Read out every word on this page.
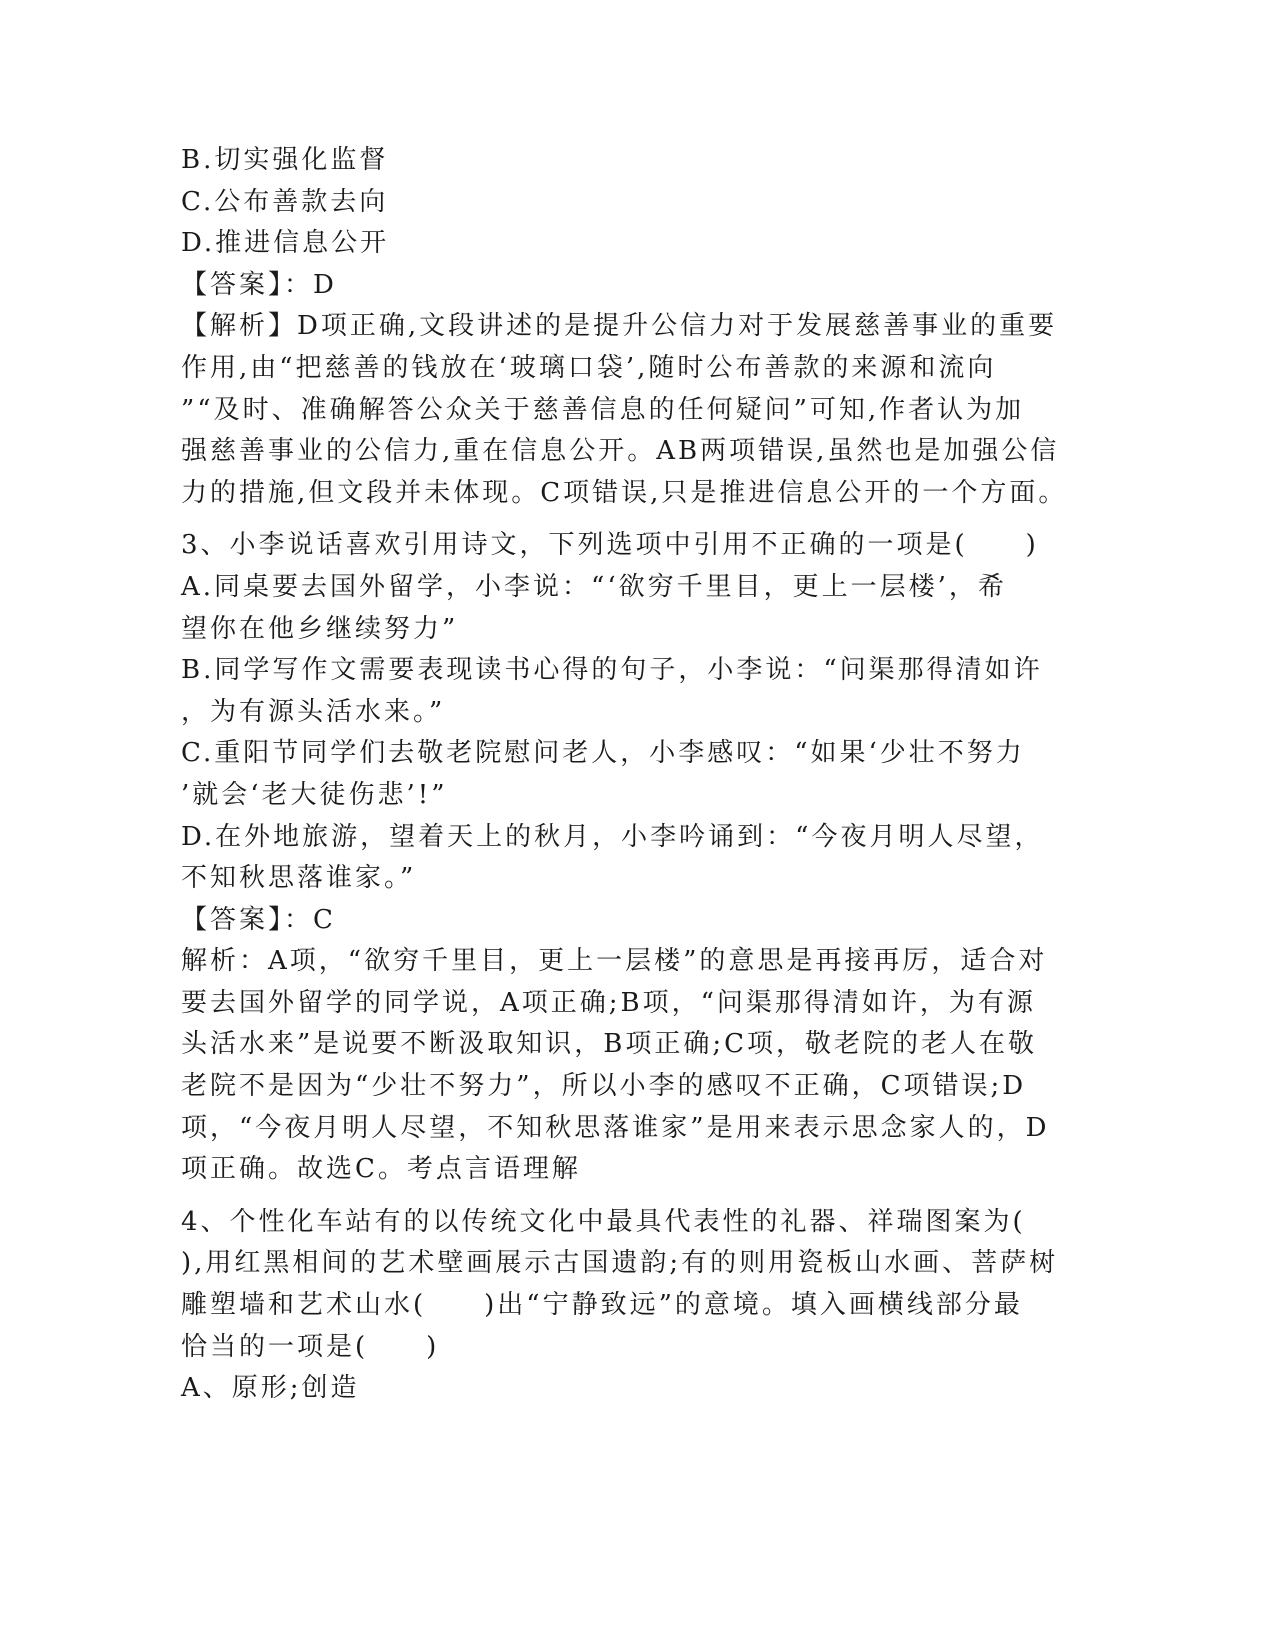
B.切实强化监督
C.公布善款去向
D.推进信息公开
【答案】：D
【解析】D项正确,文段讲述的是提升公信力对于发展慈善事业的重要
作用,由“把慈善的钱放在‘玻璃口袋’,随时公布善款的来源和流向
”“及时、准确解答公众关于慈善信息的任何疑问”可知,作者认为加
强慈善事业的公信力,重在信息公开。AB两项错误,虽然也是加强公信
力的措施,但文段并未体现。C项错误,只是推进信息公开的一个方面。
3、小李说话喜欢引用诗文，下列选项中引用不正确的一项是(　　)
A.同桌要去国外留学，小李说：“‘欲穷千里目，更上一层楼’，希
望你在他乡继续努力”
B.同学写作文需要表现读书心得的句子，小李说：“问渠那得清如许
，为有源头活水来。”
C.重阳节同学们去敬老院慰问老人，小李感叹：“如果‘少壮不努力
’就会‘老大徒伤悲’!”
D.在外地旅游，望着天上的秋月，小李吟诵到：“今夜月明人尽望，
不知秋思落谁家。”
【答案】：C
解析：A项，“欲穷千里目，更上一层楼”的意思是再接再厉，适合对
要去国外留学的同学说，A项正确;B项，“问渠那得清如许，为有源
头活水来”是说要不断汲取知识，B项正确;C项，敬老院的老人在敬
老院不是因为“少壮不努力”，所以小李的感叹不正确，C项错误;D
项，“今夜月明人尽望，不知秋思落谁家”是用来表示思念家人的，D
项正确。故选C。考点言语理解
4、个性化车站有的以传统文化中最具代表性的礼器、祥瑞图案为(
),用红黑相间的艺术壁画展示古国遗韵;有的则用瓷板山水画、菩萨树
雕塑墙和艺术山水(　　)出“宁静致远”的意境。填入画横线部分最
恰当的一项是(　　)
A、原形;创造
